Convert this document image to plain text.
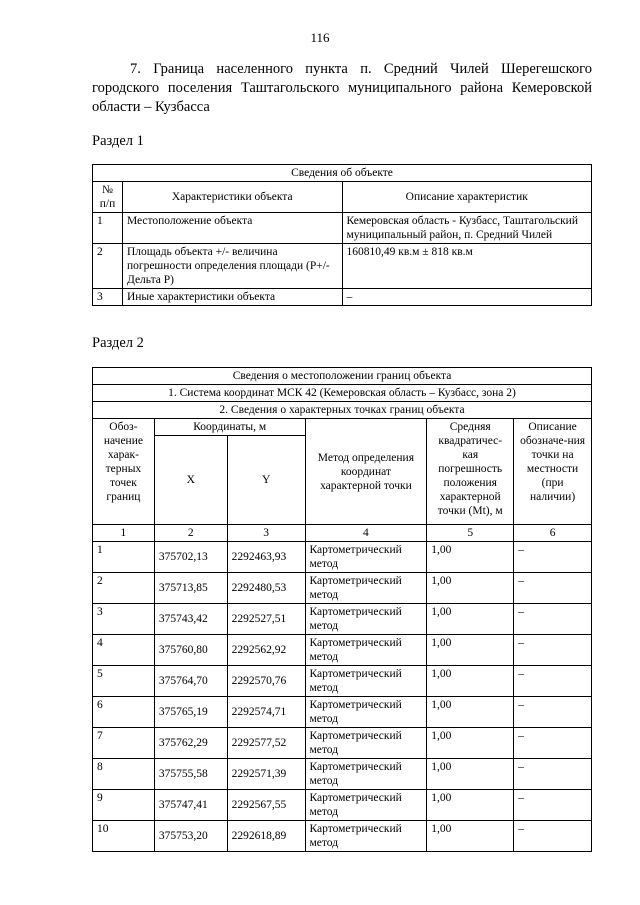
116
7. Граница населенного пункта п. Средний Чилей Шерегешского городского поселения Таштагольского муниципального района Кемеровской области – Кузбасса
Раздел 1
Сведения об объекте		
№ п/п	Характеристики объекта	Описание характеристик
1	Местоположение объекта	Кемеровская область - Кузбасс, Таштагольский муниципальный район, п. Средний Чилей
2	Площадь объекта +/- величина погрешности определения площади (Р+/- Дельта Р)	160810,49 кв.м ± 818 кв.м
3	Иные характеристики объекта	–
Раздел 2
Сведения о местоположении границ объекта					
1. Система координат МСК 42 (Кемеровская область – Кузбасс, зона 2)					
2. Сведения о характерных точках границ объекта					
Обоз-начение харак-терных точек границ	Координаты, м		Метод определения координат характерной точки	Средняя квадратичес-кая погрешность положения характерной точки (Mt), м	Описание обозначе-ния точки на местности (при наличии)
	X	Y			
1	2	3	4	5	6
1	375702,13	2292463,93	Картометрический метод	1,00	–
2	375713,85	2292480,53	Картометрический метод	1,00	–
3	375743,42	2292527,51	Картометрический метод	1,00	–
4	375760,80	2292562,92	Картометрический метод	1,00	–
5	375764,70	2292570,76	Картометрический метод	1,00	–
6	375765,19	2292574,71	Картометрический метод	1,00	–
7	375762,29	2292577,52	Картометрический метод	1,00	–
8	375755,58	2292571,39	Картометрический метод	1,00	–
9	375747,41	2292567,55	Картометрический метод	1,00	–
10	375753,20	2292618,89	Картометрический метод	1,00	–
